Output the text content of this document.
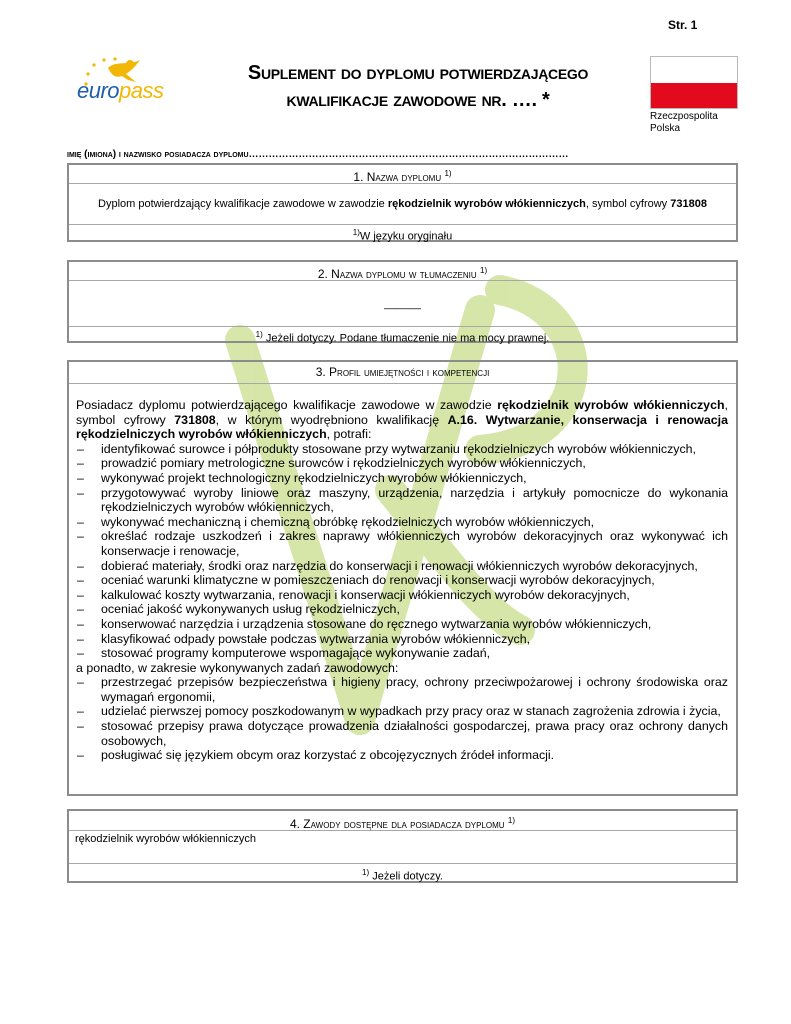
Str. 1
europass
Suplement do dyplomu potwierdzającego
kwalifikacje zawodowe nr. …. *
Rzeczpospolita
Polska
imię (imiona) i nazwisko posiadacza dyplomu……………………………………………………………………………………
1. Nazwa dyplomu $^{1)}$
Dyplom potwierdzający kwalifikacje zawodowe w zawodzie rękodzielnik wyrobów włókienniczych, symbol cyfrowy 731808
$^{1)}$W języku oryginału
2. Nazwa dyplomu w tłumaczeniu $^{1)}$
______
$^{1)}$ Jeżeli dotyczy. Podane tłumaczenie nie ma mocy prawnej.
3. Profil umiejętności i kompetencji
Posiadacz dyplomu potwierdzającego kwalifikacje zawodowe w zawodzie rękodzielnik wyrobów włókienniczych, symbol cyfrowy 731808, w którym wyodrębniono kwalifikację A.16. Wytwarzanie, konserwacja i renowacja rękodzielniczych wyrobów włókienniczych, potrafi:
– identyfikować surowce i półprodukty stosowane przy wytwarzaniu rękodzielniczych wyrobów włókienniczych,
– prowadzić pomiary metrologiczne surowców i rękodzielniczych wyrobów włókienniczych,
– wykonywać projekt technologiczny rękodzielniczych wyrobów włókienniczych,
– przygotowywać wyroby liniowe oraz maszyny, urządzenia, narzędzia i artykuły pomocnicze do wykonania rękodzielniczych wyrobów włókienniczych,
– wykonywać mechaniczną i chemiczną obróbkę rękodzielniczych wyrobów włókienniczych,
– określać rodzaje uszkodzeń i zakres naprawy włókienniczych wyrobów dekoracyjnych oraz wykonywać ich konserwacje i renowacje,
– dobierać materiały, środki oraz narzędzia do konserwacji i renowacji włókienniczych wyrobów dekoracyjnych,
– oceniać warunki klimatyczne w pomieszczeniach do renowacji i konserwacji wyrobów dekoracyjnych,
– kalkulować koszty wytwarzania, renowacji i konserwacji włókienniczych wyrobów dekoracyjnych,
– oceniać jakość wykonywanych usług rękodzielniczych,
– konserwować narzędzia i urządzenia stosowane do ręcznego wytwarzania wyrobów włókienniczych,
– klasyfikować odpady powstałe podczas wytwarzania wyrobów włókienniczych,
– stosować programy komputerowe wspomagające wykonywanie zadań,
a ponadto, w zakresie wykonywanych zadań zawodowych:
– przestrzegać przepisów bezpieczeństwa i higieny pracy, ochrony przeciwpożarowej i ochrony środowiska oraz wymagań ergonomii,
– udzielać pierwszej pomocy poszkodowanym w wypadkach przy pracy oraz w stanach zagrożenia zdrowia i życia,
– stosować przepisy prawa dotyczące prowadzenia działalności gospodarczej, prawa pracy oraz ochrony danych osobowych,
– posługiwać się językiem obcym oraz korzystać z obcojęzycznych źródeł informacji.
4. Zawody dostępne dla posiadacza dyplomu $^{1)}$
rękodzielnik wyrobów włókienniczych
$^{1)}$ Jeżeli dotyczy.
